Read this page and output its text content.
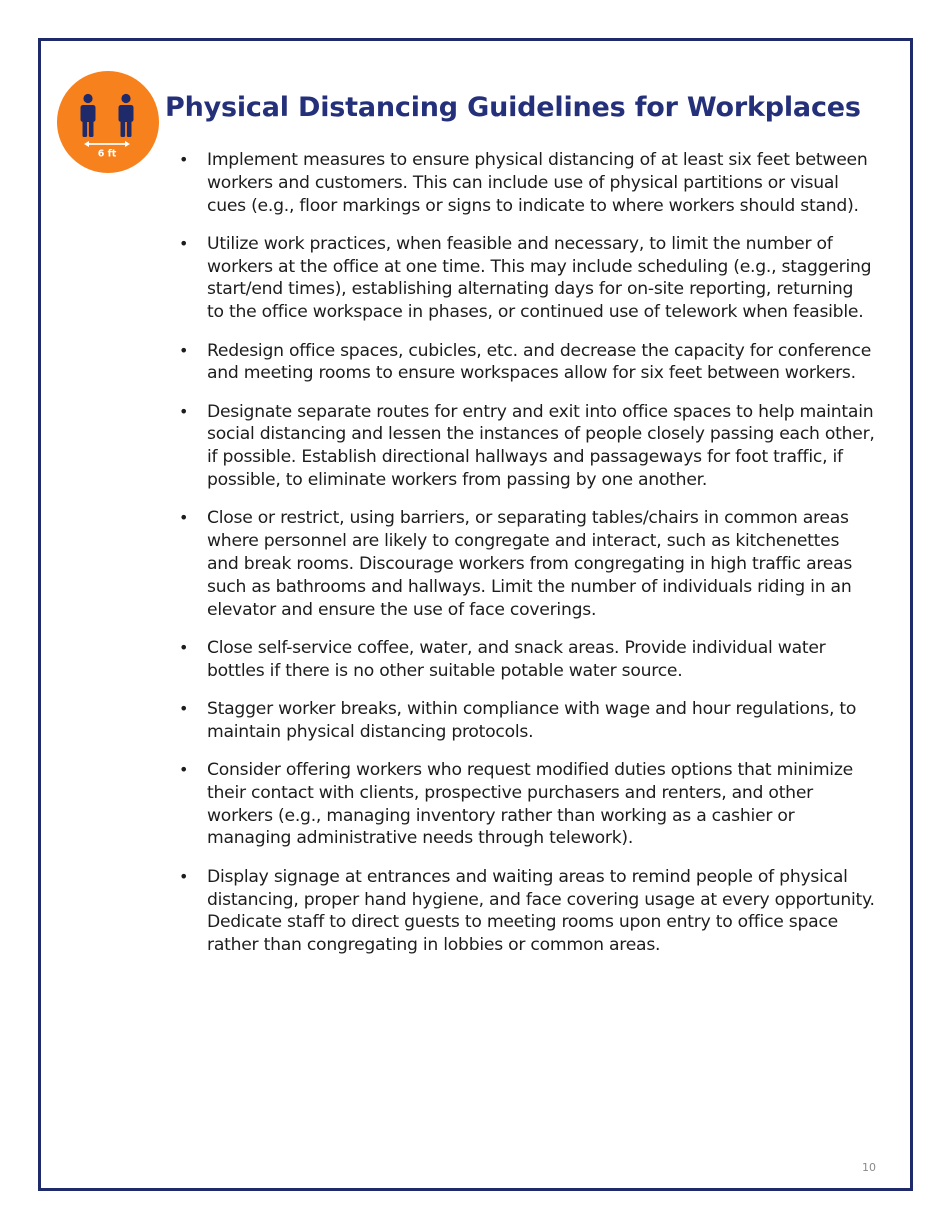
6 ft
Physical Distancing Guidelines for Workplaces
• Implement measures to ensure physical distancing of at least six feet between workers and customers. This can include use of physical partitions or visual cues (e.g., floor markings or signs to indicate to where workers should stand).
• Utilize work practices, when feasible and necessary, to limit the number of workers at the office at one time. This may include scheduling (e.g., staggering start/end times), establishing alternating days for on-site reporting, returning to the office workspace in phases, or continued use of telework when feasible.
• Redesign office spaces, cubicles, etc. and decrease the capacity for conference and meeting rooms to ensure workspaces allow for six feet between workers.
• Designate separate routes for entry and exit into office spaces to help maintain social distancing and lessen the instances of people closely passing each other, if possible. Establish directional hallways and passageways for foot traffic, if possible, to eliminate workers from passing by one another.
• Close or restrict, using barriers, or separating tables/chairs in common areas where personnel are likely to congregate and interact, such as kitchenettes and break rooms. Discourage workers from congregating in high traffic areas such as bathrooms and hallways. Limit the number of individuals riding in an elevator and ensure the use of face coverings.
• Close self-service coffee, water, and snack areas. Provide individual water bottles if there is no other suitable potable water source.
• Stagger worker breaks, within compliance with wage and hour regulations, to maintain physical distancing protocols.
• Consider offering workers who request modified duties options that minimize their contact with clients, prospective purchasers and renters, and other workers (e.g., managing inventory rather than working as a cashier or managing administrative needs through telework).
• Display signage at entrances and waiting areas to remind people of physical distancing, proper hand hygiene, and face covering usage at every opportunity. Dedicate staff to direct guests to meeting rooms upon entry to office space rather than congregating in lobbies or common areas.
10
